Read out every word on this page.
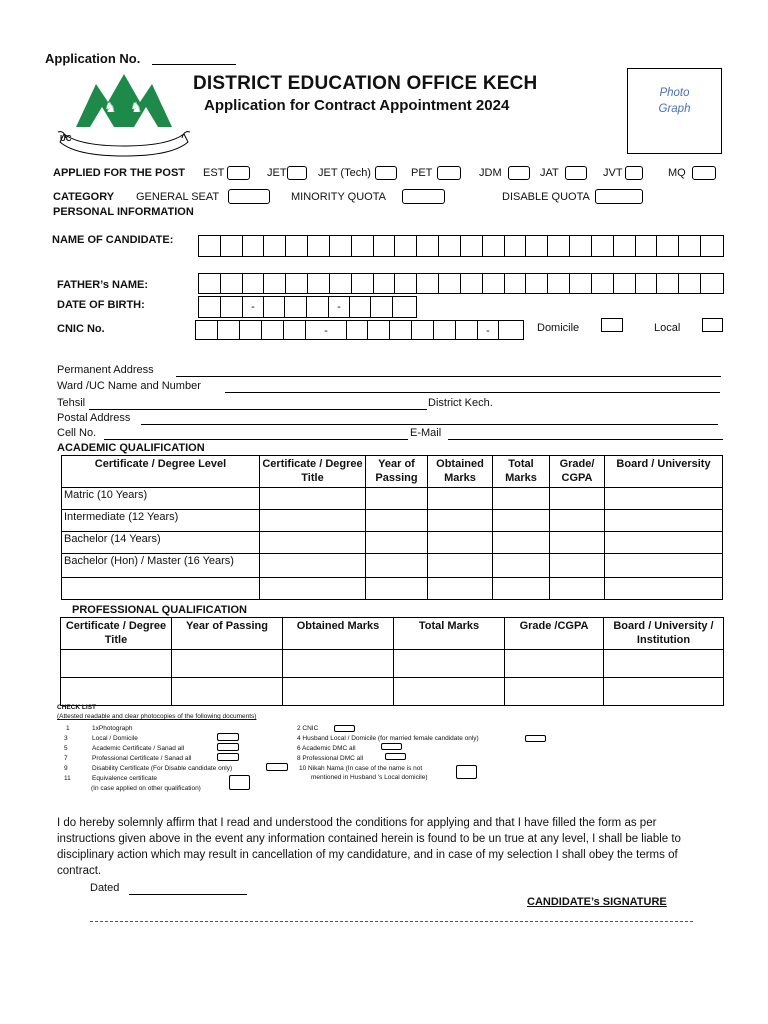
Application No.
♞ ♞
UC
DISTRICT EDUCATION OFFICE KECH
Application for Contract Appointment 2024
Photo
Graph
APPLIED FOR THE POST EST	JET	JET (Tech)	PET	JDM	JAT	JVT	MQ
CATEGORY GENERAL SEAT	MINORITY QUOTA	DISABLE QUOTA
PERSONAL INFORMATION
NAME OF CANDIDATE:
FATHER’s NAME:
DATE OF BIRTH:	-	-
CNIC No.	-	-	Domicile	Local
Permanent Address
Ward /UC Name and Number
Tehsil	District Kech.
Postal Address
Cell No.	E-Mail
ACADEMIC QUALIFICATION
Certificate / Degree Level	Certificate / Degree Title	Year of Passing	Obtained Marks	Total Marks	Grade/ CGPA	Board / University
Matric (10 Years)						
Intermediate (12 Years)						
Bachelor (14 Years)						
Bachelor (Hon) / Master (16 Years)						

PROFESSIONAL QUALIFICATION
Certificate / Degree Title	Year of Passing	Obtained Marks	Total Marks	Grade /CGPA	Board / University / Institution

CHECK LIST
(Attested readable and clear photocopies of the following documents)
1	1xPhotograph
3	Local / Domicile
5	Academic Certificate / Sanad all
7	Professional Certificate / Sanad all
9	Disability Certificate (For Disable candidate only)
11	Equivalence certificate
(In case applied on other qualification)
2 CNIC
4 Husband Local / Domicile (for married female candidate only)
6 Academic DMC all
8 Professional DMC all
10 Nikah Nama (In case of the name is not
mentioned in Husband 's Local domicile)
I do hereby solemnly affirm that I read and understood the conditions for applying and that I have filled the form as per instructions given above in the event any information contained herein is found to be un true at any level, I shall be liable to disciplinary action which may result in cancellation of my candidature, and in case of my selection I shall obey the terms of contract.
Dated
CANDIDATE’s SIGNATURE
